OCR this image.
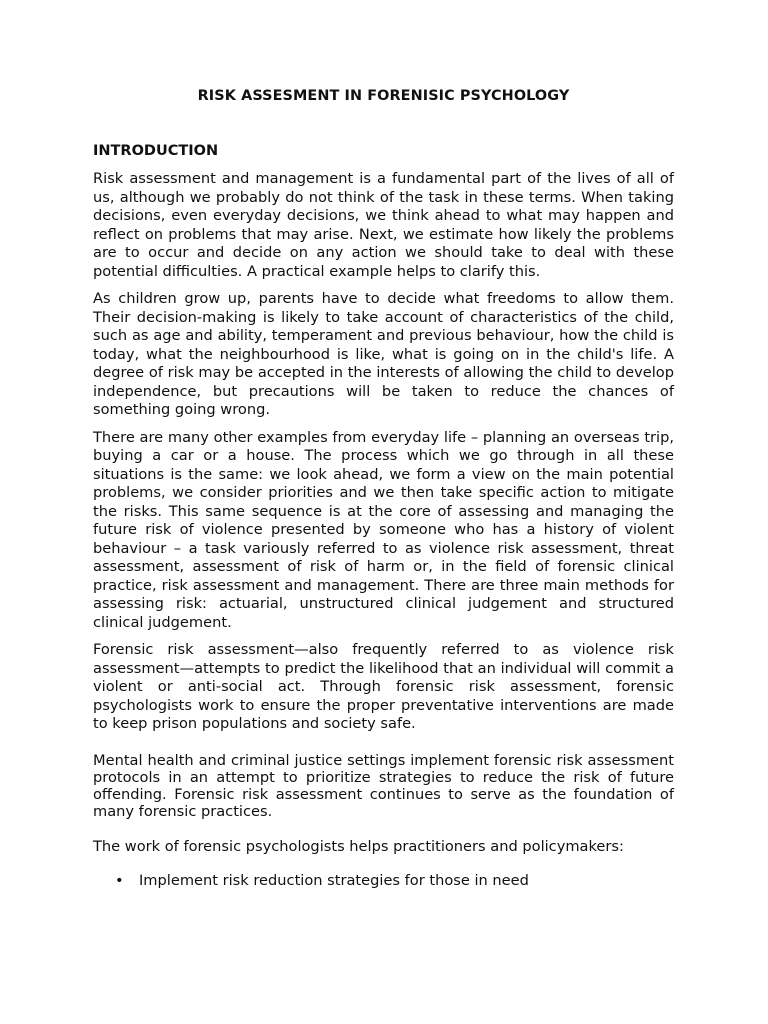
RISK ASSESMENT IN FORENISIC PSYCHOLOGY
INTRODUCTION

Risk assessment and management is a fundamental part of the lives of all of us, although we probably do not think of the task in these terms. When taking decisions, even everyday decisions, we think ahead to what may happen and reflect on problems that may arise. Next, we estimate how likely the problems are to occur and decide on any action we should take to deal with these potential difficulties. A practical example helps to clarify this.

As children grow up, parents have to decide what freedoms to allow them. Their decision-making is likely to take account of characteristics of the child, such as age and ability, temperament and previous behaviour, how the child is today, what the neighbourhood is like, what is going on in the child's life. A degree of risk may be accepted in the interests of allowing the child to develop independence, but precautions will be taken to reduce the chances of something going wrong.

There are many other examples from everyday life – planning an overseas trip, buying a car or a house. The process which we go through in all these situations is the same: we look ahead, we form a view on the main potential problems, we consider priorities and we then take specific action to mitigate the risks. This same sequence is at the core of assessing and managing the future risk of violence presented by someone who has a history of violent behaviour – a task variously referred to as violence risk assessment, threat assessment, assessment of risk of harm or, in the field of forensic clinical practice, risk assessment and management. There are three main methods for assessing risk: actuarial, unstructured clinical judgement and structured clinical judgement.

Forensic risk assessment—also frequently referred to as violence risk assessment—attempts to predict the likelihood that an individual will commit a violent or anti-social act. Through forensic risk assessment, forensic psychologists work to ensure the proper preventative interventions are made to keep prison populations and society safe.

Mental health and criminal justice settings implement forensic risk assessment protocols in an attempt to prioritize strategies to reduce the risk of future offending. Forensic risk assessment continues to serve as the foundation of many forensic practices.

The work of forensic psychologists helps practitioners and policymakers:

• Implement risk reduction strategies for those in need
